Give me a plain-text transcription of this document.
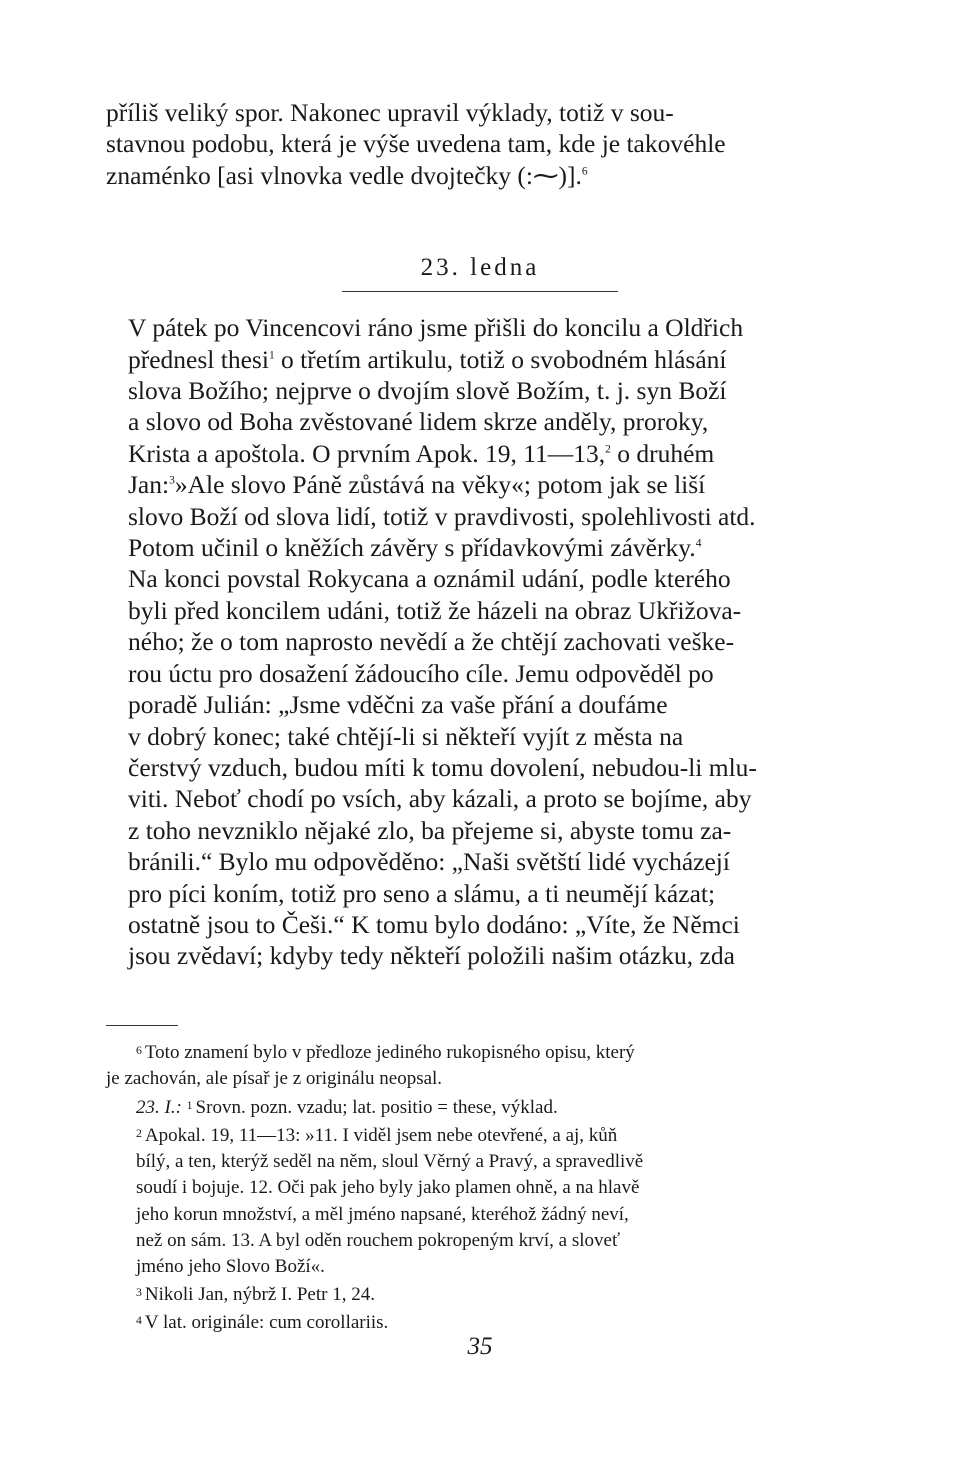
příliš veliký spor. Nakonec upravil výklady, totiž v sou-
stavnou podobu, která je výše uvedena tam, kde je takovéhle
znaménko [asi vlnovka vedle dvojtečky (:⁓)].$^6$

23. ledna

V pátek po Vincencovi ráno jsme přišli do koncilu a Oldřich
přednesl thesi$^1$ o třetím artikulu, totiž o svobodném hlásání
slova Božího; nejprve o dvojím slově Božím, t. j. syn Boží
a slovo od Boha zvěstované lidem skrze anděly, proroky,
Krista a apoštola. O prvním Apok. 19, 11—13,$^2$ o druhém
Jan:$^3$»Ale slovo Páně zůstává na věky«; potom jak se liší
slovo Boží od slova lidí, totiž v pravdivosti, spolehlivosti atd.
Potom učinil o kněžích závěry s přídavkovými závěrky.$^4$

Na konci povstal Rokycana a oznámil udání, podle kterého
byli před koncilem udáni, totiž že házeli na obraz Ukřižova-
ného; že o tom naprosto nevědí a že chtějí zachovati veške-
rou úctu pro dosažení žádoucího cíle. Jemu odpověděl po
poradě Julián: „Jsme vděčni za vaše přání a doufáme
v dobrý konec; také chtějí-li si někteří vyjít z města na
čerstvý vzduch, budou míti k tomu dovolení, nebudou-li mlu-
viti. Neboť chodí po vsích, aby kázali, a proto se bojíme, aby
z toho nevzniklo nějaké zlo, ba přejeme si, abyste tomu za-
bránili.“ Bylo mu odpověděno: „Naši světští lidé vycházejí
pro píci koním, totiž pro seno a slámu, a ti neumějí kázat;
ostatně jsou to Češi.“ K tomu bylo dodáno: „Víte, že Němci
jsou zvědaví; kdyby tedy někteří položili našim otázku, zda

$^6$ Toto znamení bylo v předloze jediného rukopisného opisu, který
je zachován, ale písař je z originálu neopsal.

23. I.: $^1$ Srovn. pozn. vzadu; lat. positio = these, výklad.

$^2$ Apokal. 19, 11—13: »11. I viděl jsem nebe otevřené, a aj, kůň
bílý, a ten, kterýž seděl na něm, sloul Věrný a Pravý, a spravedlivě
soudí i bojuje. 12. Oči pak jeho byly jako plamen ohně, a na hlavě
jeho korun množství, a měl jméno napsané, kteréhož žádný neví,
než on sám. 13. A byl oděn rouchem pokropeným krví, a sloveť
jméno jeho Slovo Boží«.

$^3$ Nikoli Jan, nýbrž I. Petr 1, 24.

$^4$ V lat. originále: cum corollariis.

35
